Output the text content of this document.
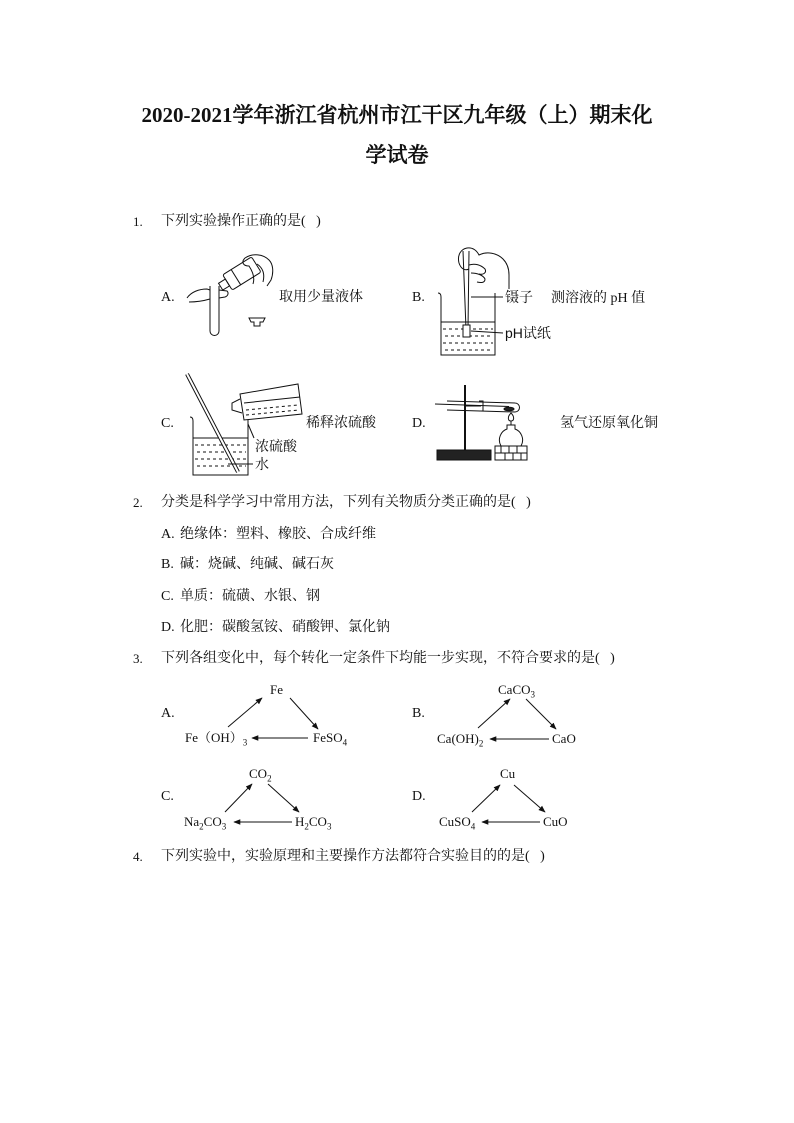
2020-2021学年浙江省杭州市江干区九年级（上）期末化
学试卷
1. 下列实验操作正确的是(   )
A.	取用少量液体	B.	镊子
pH试纸
测溶液的 pH 值
C.
浓硫酸
水
稀释浓硫酸	D.	氢气还原氧化铜
2. 分类是科学学习中常用方法，下列有关物质分类正确的是(   )
A. 绝缘体：塑料、橡胶、合成纤维
B. 碱：烧碱、纯碱、碱石灰
C. 单质：硫磺、水银、钢
D. 化肥：碳酸氢铵、硝酸钾、氯化钠
3. 下列各组变化中，每个转化一定条件下均能一步实现，不符合要求的是(   )
A.
Fe
$Fe(OH)_3$	FeSO$_4$
B.
CaCO$_3$
$Ca(OH)_2$	CaO
C.
$CO_2$
$Na_2CO_3$	$H_2CO_3$
D.
Cu
CuSO$_4$	CuO
4. 下列实验中，实验原理和主要操作方法都符合实验目的的是(   )
